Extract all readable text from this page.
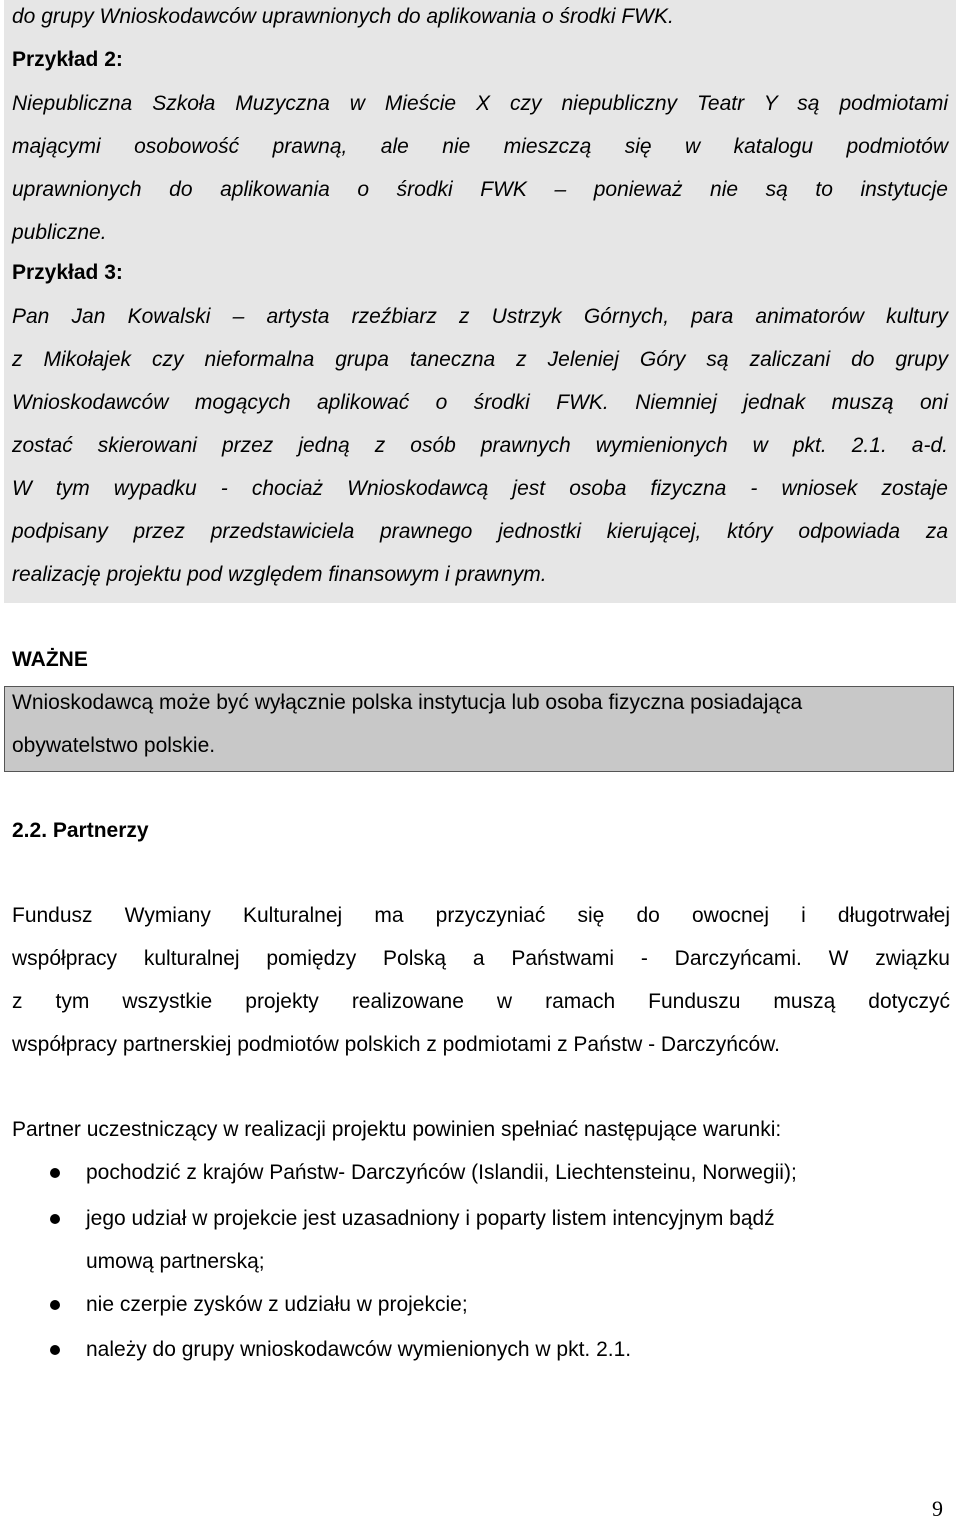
do grupy Wnioskodawców uprawnionych do aplikowania o środki FWK.
Przykład 2:
Niepubliczna Szkoła Muzyczna w Mieście X czy niepubliczny Teatr Y są podmiotami
mającymi osobowość prawną, ale nie mieszczą się w katalogu podmiotów
uprawnionych do aplikowania o środki FWK – ponieważ nie są to instytucje
publiczne.
Przykład 3:
Pan Jan Kowalski – artysta rzeźbiarz z Ustrzyk Górnych, para animatorów kultury
z Mikołajek czy nieformalna grupa taneczna z Jeleniej Góry są zaliczani do grupy
Wnioskodawców mogących aplikować o środki FWK. Niemniej jednak muszą oni
zostać skierowani przez jedną z osób prawnych wymienionych w pkt. 2.1. a-d.
W tym wypadku - chociaż Wnioskodawcą jest osoba fizyczna - wniosek zostaje
podpisany przez przedstawiciela prawnego jednostki kierującej, który odpowiada za
realizację projektu pod względem finansowym i prawnym.
WAŻNE
Wnioskodawcą może być wyłącznie polska instytucja lub osoba fizyczna posiadająca
obywatelstwo polskie.
2.2. Partnerzy
Fundusz Wymiany Kulturalnej ma przyczyniać się do owocnej i długotrwałej
współpracy kulturalnej pomiędzy Polską a Państwami - Darczyńcami. W związku
z tym wszystkie projekty realizowane w ramach Funduszu muszą dotyczyć
współpracy partnerskiej podmiotów polskich z podmiotami z Państw - Darczyńców.
Partner uczestniczący w realizacji projektu powinien spełniać następujące warunki:
pochodzić z krajów Państw- Darczyńców (Islandii, Liechtensteinu, Norwegii);
jego udział w projekcie jest uzasadniony i poparty listem intencyjnym bądź
umową partnerską;
nie czerpie zysków z udziału w projekcie;
należy do grupy wnioskodawców wymienionych w pkt. 2.1.
9
